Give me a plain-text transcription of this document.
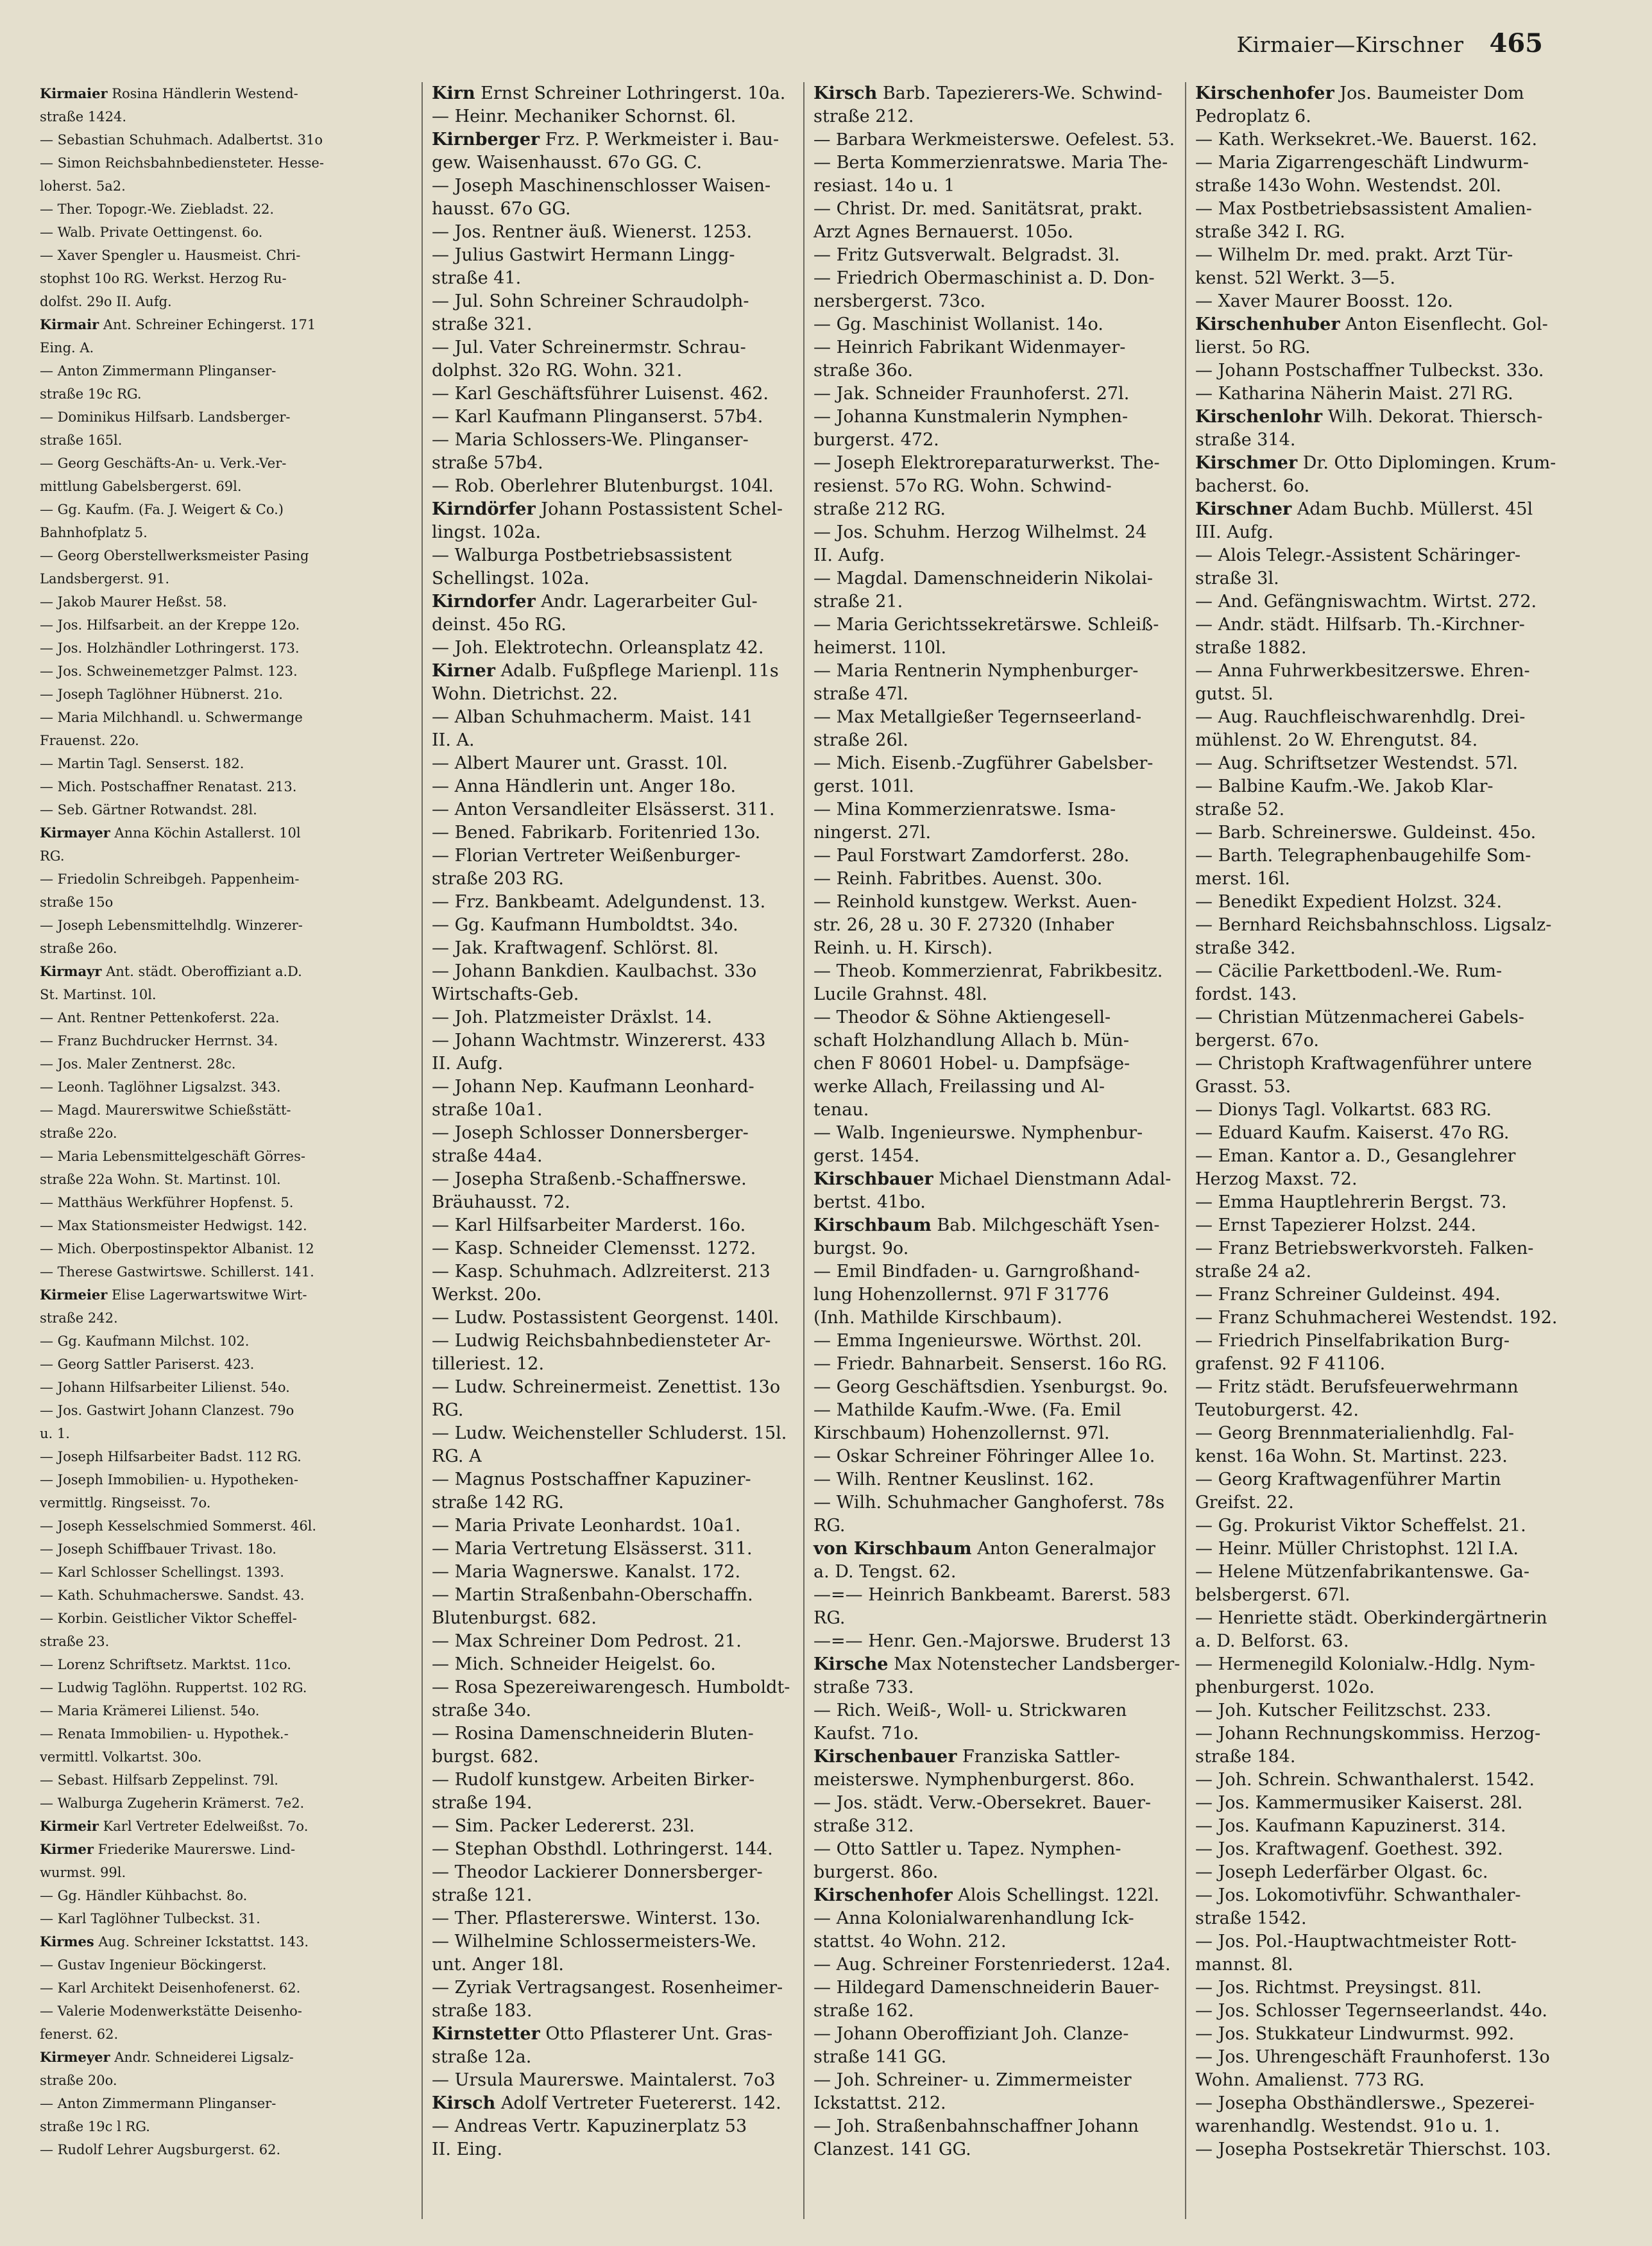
Kirmaier—Kirschner 465
Kirmaier Rosina Händlerin Westend-
straße 1424.
— Sebastian Schuhmach. Adalbertst. 31o
— Simon Reichsbahnbediensteter. Hesse-
loherst. 5a2.
— Ther. Topogr.-We. Ziebladst. 22.
— Walb. Private Oettingenst. 6o.
— Xaver Spengler u. Hausmeist. Chri-
stophst 10o RG. Werkst. Herzog Ru-
dolfst. 29o II. Aufg.
Kirmair Ant. Schreiner Echingerst. 171
Eing. A.
— Anton Zimmermann Plinganser-
straße 19c RG.
— Dominikus Hilfsarb. Landsberger-
straße 165l.
— Georg Geschäfts-An- u. Verk.-Ver-
mittlung Gabelsbergerst. 69l.
— Gg. Kaufm. (Fa. J. Weigert & Co.)
Bahnhofplatz 5.
— Georg Oberstellwerksmeister Pasing
Landsbergerst. 91.
— Jakob Maurer Heßst. 58.
— Jos. Hilfsarbeit. an der Kreppe 12o.
— Jos. Holzhändler Lothringerst. 173.
— Jos. Schweinemetzger Palmst. 123.
— Joseph Taglöhner Hübnerst. 21o.
— Maria Milchhandl. u. Schwermange
Frauenst. 22o.
— Martin Tagl. Senserst. 182.
— Mich. Postschaffner Renatast. 213.
— Seb. Gärtner Rotwandst. 28l.
Kirmayer Anna Köchin Astallerst. 10l
RG.
— Friedolin Schreibgeh. Pappenheim-
straße 15o
— Joseph Lebensmittelhdlg. Winzerer-
straße 26o.
Kirmayr Ant. städt. Oberoffiziant a.D.
St. Martinst. 10l.
— Ant. Rentner Pettenkoferst. 22a.
— Franz Buchdrucker Herrnst. 34.
— Jos. Maler Zentnerst. 28c.
— Leonh. Taglöhner Ligsalzst. 343.
— Magd. Maurerswitwe Schießstätt-
straße 22o.
— Maria Lebensmittelgeschäft Görres-
straße 22a Wohn. St. Martinst. 10l.
— Matthäus Werkführer Hopfenst. 5.
— Max Stationsmeister Hedwigst. 142.
— Mich. Oberpostinspektor Albanist. 12
— Therese Gastwirtswe. Schillerst. 141.
Kirmeier Elise Lagerwartswitwe Wirt-
straße 242.
— Gg. Kaufmann Milchst. 102.
— Georg Sattler Pariserst. 423.
— Johann Hilfsarbeiter Lilienst. 54o.
— Jos. Gastwirt Johann Clanzest. 79o
u. 1.
— Joseph Hilfsarbeiter Badst. 112 RG.
— Joseph Immobilien- u. Hypotheken-
vermittlg. Ringseisst. 7o.
— Joseph Kesselschmied Sommerst. 46l.
— Joseph Schiffbauer Trivast. 18o.
— Karl Schlosser Schellingst. 1393.
— Kath. Schuhmacherswe. Sandst. 43.
— Korbin. Geistlicher Viktor Scheffel-
straße 23.
— Lorenz Schriftsetz. Marktst. 11co.
— Ludwig Taglöhn. Ruppertst. 102 RG.
— Maria Krämerei Lilienst. 54o.
— Renata Immobilien- u. Hypothek.-
vermittl. Volkartst. 30o.
— Sebast. Hilfsarb Zeppelinst. 79l.
— Walburga Zugeherin Krämerst. 7e2.
Kirmeir Karl Vertreter Edelweißst. 7o.
Kirmer Friederike Maurerswe. Lind-
wurmst. 99l.
— Gg. Händler Kühbachst. 8o.
— Karl Taglöhner Tulbeckst. 31.
Kirmes Aug. Schreiner Ickstattst. 143.
— Gustav Ingenieur Böckingerst.
— Karl Architekt Deisenhofenerst. 62.
— Valerie Modenwerkstätte Deisenho-
fenerst. 62.
Kirmeyer Andr. Schneiderei Ligsalz-
straße 20o.
— Anton Zimmermann Plinganser-
straße 19c l RG.
— Rudolf Lehrer Augsburgerst. 62.
Kirn Ernst Schreiner Lothringerst. 10a.
— Heinr. Mechaniker Schornst. 6l.
Kirnberger Frz. P. Werkmeister i. Bau-
gew. Waisenhausst. 67o GG. C.
— Joseph Maschinenschlosser Waisen-
hausst. 67o GG.
— Jos. Rentner äuß. Wienerst. 1253.
— Julius Gastwirt Hermann Lingg-
straße 41.
— Jul. Sohn Schreiner Schraudolph-
straße 321.
— Jul. Vater Schreinermstr. Schrau-
dolphst. 32o RG. Wohn. 321.
— Karl Geschäftsführer Luisenst. 462.
— Karl Kaufmann Plinganserst. 57b4.
— Maria Schlossers-We. Plinganser-
straße 57b4.
— Rob. Oberlehrer Blutenburgst. 104l.
Kirndörfer Johann Postassistent Schel-
lingst. 102a.
— Walburga Postbetriebsassistent
Schellingst. 102a.
Kirndorfer Andr. Lagerarbeiter Gul-
deinst. 45o RG.
— Joh. Elektrotechn. Orleansplatz 42.
Kirner Adalb. Fußpflege Marienpl. 11s
Wohn. Dietrichst. 22.
— Alban Schuhmacherm. Maist. 141
II. A.
— Albert Maurer unt. Grasst. 10l.
— Anna Händlerin unt. Anger 18o.
— Anton Versandleiter Elsässerst. 311.
— Bened. Fabrikarb. Foritenried 13o.
— Florian Vertreter Weißenburger-
straße 203 RG.
— Frz. Bankbeamt. Adelgundenst. 13.
— Gg. Kaufmann Humboldtst. 34o.
— Jak. Kraftwagenf. Schlörst. 8l.
— Johann Bankdien. Kaulbachst. 33o
Wirtschafts-Geb.
— Joh. Platzmeister Dräxlst. 14.
— Johann Wachtmstr. Winzererst. 433
II. Aufg.
— Johann Nep. Kaufmann Leonhard-
straße 10a1.
— Joseph Schlosser Donnersberger-
straße 44a4.
— Josepha Straßenb.-Schaffnerswe.
Bräuhausst. 72.
— Karl Hilfsarbeiter Marderst. 16o.
— Kasp. Schneider Clemensst. 1272.
— Kasp. Schuhmach. Adlzreiterst. 213
Werkst. 20o.
— Ludw. Postassistent Georgenst. 140l.
— Ludwig Reichsbahnbediensteter Ar-
tilleriest. 12.
— Ludw. Schreinermeist. Zenettist. 13o
RG.
— Ludw. Weichensteller Schluderst. 15l.
RG. A
— Magnus Postschaffner Kapuziner-
straße 142 RG.
— Maria Private Leonhardst. 10a1.
— Maria Vertretung Elsässerst. 311.
— Maria Wagnerswe. Kanalst. 172.
— Martin Straßenbahn-Oberschaffn.
Blutenburgst. 682.
— Max Schreiner Dom Pedrost. 21.
— Mich. Schneider Heigelst. 6o.
— Rosa Spezereiwarengesch. Humboldt-
straße 34o.
— Rosina Damenschneiderin Bluten-
burgst. 682.
— Rudolf kunstgew. Arbeiten Birker-
straße 194.
— Sim. Packer Ledererst. 23l.
— Stephan Obsthdl. Lothringerst. 144.
— Theodor Lackierer Donnersberger-
straße 121.
— Ther. Pflastererswe. Winterst. 13o.
— Wilhelmine Schlossermeisters-We.
unt. Anger 18l.
— Zyriak Vertragsangest. Rosenheimer-
straße 183.
Kirnstetter Otto Pflasterer Unt. Gras-
straße 12a.
— Ursula Maurerswe. Maintalerst. 7o3
Kirsch Adolf Vertreter Fuetererst. 142.
— Andreas Vertr. Kapuzinerplatz 53
II. Eing.
Kirsch Barb. Tapezierers-We. Schwind-
straße 212.
— Barbara Werkmeisterswe. Oefelest. 53.
— Berta Kommerzienratswe. Maria The-
resiast. 14o u. 1
— Christ. Dr. med. Sanitätsrat, prakt.
Arzt Agnes Bernauerst. 105o.
— Fritz Gutsverwalt. Belgradst. 3l.
— Friedrich Obermaschinist a. D. Don-
nersbergerst. 73co.
— Gg. Maschinist Wollanist. 14o.
— Heinrich Fabrikant Widenmayer-
straße 36o.
— Jak. Schneider Fraunhoferst. 27l.
— Johanna Kunstmalerin Nymphen-
burgerst. 472.
— Joseph Elektroreparaturwerkst. The-
resienst. 57o RG. Wohn. Schwind-
straße 212 RG.
— Jos. Schuhm. Herzog Wilhelmst. 24
II. Aufg.
— Magdal. Damenschneiderin Nikolai-
straße 21.
— Maria Gerichtssekretärswe. Schleiß-
heimerst. 110l.
— Maria Rentnerin Nymphenburger-
straße 47l.
— Max Metallgießer Tegernseerland-
straße 26l.
— Mich. Eisenb.-Zugführer Gabelsber-
gerst. 101l.
— Mina Kommerzienratswe. Ismа-
ningerst. 27l.
— Paul Forstwart Zamdorferst. 28o.
— Reinh. Fabritbes. Auenst. 30o.
— Reinhold kunstgew. Werkst. Auen-
str. 26, 28 u. 30 F. 27320 (Inhaber
Reinh. u. H. Kirsch).
— Theob. Kommerzienrat, Fabrikbesitz.
Lucile Grahnst. 48l.
— Theodor & Söhne Aktiengesell-
schaft Holzhandlung Allach b. Mün-
chen F 80601 Hobel- u. Dampfsäge-
werke Allach, Freilassing und Al-
tenau.
— Walb. Ingenieurswe. Nymphenbur-
gerst. 1454.
Kirschbauer Michael Dienstmann Adal-
bertst. 41bo.
Kirschbaum Bab. Milchgeschäft Ysen-
burgst. 9o.
— Emil Bindfaden- u. Garngroßhand-
lung Hohenzollernst. 97l F 31776
(Inh. Mathilde Kirschbaum).
— Emma Ingenieurswe. Wörthst. 20l.
— Friedr. Bahnarbeit. Senserst. 16o RG.
— Georg Geschäftsdien. Ysenburgst. 9o.
— Mathilde Kaufm.-Wwe. (Fa. Emil
Kirschbaum) Hohenzollernst. 97l.
— Oskar Schreiner Föhringer Allee 1o.
— Wilh. Rentner Keuslinst. 162.
— Wilh. Schuhmacher Ganghoferst. 78s
RG.
von Kirschbaum Anton Generalmajor
a. D. Tengst. 62.
—=— Heinrich Bankbeamt. Barerst. 583
RG.
—=— Henr. Gen.-Majorswe. Bruderst 13
Kirsche Max Notenstecher Landsberger-
straße 733.
— Rich. Weiß-, Woll- u. Strickwaren
Kaufst. 71o.
Kirschenbauer Franziska Sattler-
meisterswe. Nymphenburgerst. 86o.
— Jos. städt. Verw.-Obersekret. Bauer-
straße 312.
— Otto Sattler u. Tapez. Nymphen-
burgerst. 86o.
Kirschenhofer Alois Schellingst. 122l.
— Anna Kolonialwarenhandlung Ick-
stattst. 4o Wohn. 212.
— Aug. Schreiner Forstenriederst. 12a4.
— Hildegard Damenschneiderin Bauer-
straße 162.
— Johann Oberoffiziant Joh. Clanze-
straße 141 GG.
— Joh. Schreiner- u. Zimmermeister
Ickstattst. 212.
— Joh. Straßenbahnschaffner Johann
Clanzest. 141 GG.
Kirschenhofer Jos. Baumeister Dom
Pedroplatz 6.
— Kath. Werksekret.-We. Bauerst. 162.
— Maria Zigarrengeschäft Lindwurm-
straße 143o Wohn. Westendst. 20l.
— Max Postbetriebsassistent Amalien-
straße 342 I. RG.
— Wilhelm Dr. med. prakt. Arzt Tür-
kenst. 52l Werkt. 3—5.
— Xaver Maurer Boosst. 12o.
Kirschenhuber Anton Eisenflecht. Gol-
lierst. 5o RG.
— Johann Postschaffner Tulbeckst. 33o.
— Katharina Näherin Maist. 27l RG.
Kirschenlohr Wilh. Dekorat. Thiersch-
straße 314.
Kirschmer Dr. Otto Diplomingen. Krum-
bacherst. 6o.
Kirschner Adam Buchb. Müllerst. 45l
III. Aufg.
— Alois Telegr.-Assistent Schäringer-
straße 3l.
— And. Gefängniswachtm. Wirtst. 272.
— Andr. städt. Hilfsarb. Th.-Kirchner-
straße 1882.
— Anna Fuhrwerkbesitzerswe. Ehren-
gutst. 5l.
— Aug. Rauchfleischwarenhdlg. Drei-
mühlenst. 2o W. Ehrengutst. 84.
— Aug. Schriftsetzer Westendst. 57l.
— Balbine Kaufm.-We. Jakob Klar-
straße 52.
— Barb. Schreinerswe. Guldeinst. 45o.
— Barth. Telegraphenbaugehilfe Som-
merst. 16l.
— Benedikt Expedient Holzst. 324.
— Bernhard Reichsbahnschloss. Ligsalz-
straße 342.
— Cäcilie Parkettbodenl.-We. Rum-
fordst. 143.
— Christian Mützenmacherei Gabels-
bergerst. 67o.
— Christoph Kraftwagenführer untere
Grasst. 53.
— Dionys Tagl. Volkartst. 683 RG.
— Eduard Kaufm. Kaiserst. 47o RG.
— Eman. Kantor a. D., Gesanglehrer
Herzog Maxst. 72.
— Emma Hauptlehrerin Bergst. 73.
— Ernst Tapezierer Holzst. 244.
— Franz Betriebswerkvorsteh. Falken-
straße 24 a2.
— Franz Schreiner Guldeinst. 494.
— Franz Schuhmacherei Westendst. 192.
— Friedrich Pinselfabrikation Burg-
grafenst. 92 F 41106.
— Fritz städt. Berufsfeuerwehrmann
Teutoburgerst. 42.
— Georg Brennmaterialienhdlg. Fal-
kenst. 16a Wohn. St. Martinst. 223.
— Georg Kraftwagenführer Martin
Greifst. 22.
— Gg. Prokurist Viktor Scheffelst. 21.
— Heinr. Müller Christophst. 12l I.A.
— Helene Mützenfabrikantenswe. Ga-
belsbergerst. 67l.
— Henriette städt. Oberkindergärtnerin
a. D. Belforst. 63.
— Hermenegild Kolonialw.-Hdlg. Nym-
phenburgerst. 102o.
— Joh. Kutscher Feilitzschst. 233.
— Johann Rechnungskommiss. Herzog-
straße 184.
— Joh. Schrein. Schwanthalerst. 1542.
— Jos. Kammermusiker Kaiserst. 28l.
— Jos. Kaufmann Kapuzinerst. 314.
— Jos. Kraftwagenf. Goethest. 392.
— Joseph Lederfärber Olgast. 6c.
— Jos. Lokomotivführ. Schwanthaler-
straße 1542.
— Jos. Pol.-Hauptwachtmeister Rott-
mannst. 8l.
— Jos. Richtmst. Preysingst. 81l.
— Jos. Schlosser Tegernseerlandst. 44o.
— Jos. Stukkateur Lindwurmst. 992.
— Jos. Uhrengeschäft Fraunhoferst. 13o
Wohn. Amalienst. 773 RG.
— Josepha Obsthändlerswe., Spezerei-
warenhandlg. Westendst. 91o u. 1.
— Josepha Postsekretär Thierschst. 103.
